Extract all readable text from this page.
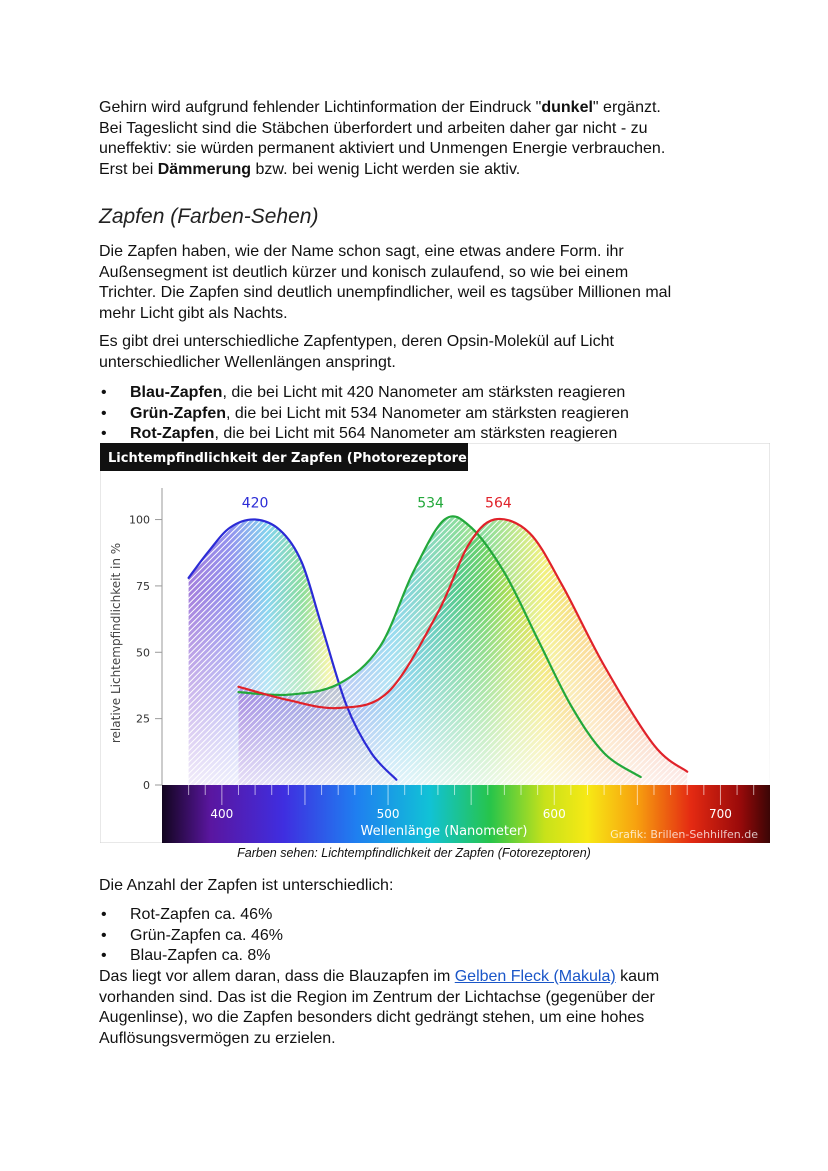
Gehirn wird aufgrund fehlender Lichtinformation der Eindruck "dunkel" ergänzt.
Bei Tageslicht sind die Stäbchen überfordert und arbeiten daher gar nicht - zu
uneffektiv: sie würden permanent aktiviert und Unmengen Energie verbrauchen.
Erst bei Dämmerung bzw. bei wenig Licht werden sie aktiv.
Zapfen (Farben-Sehen)
Die Zapfen haben, wie der Name schon sagt, eine etwas andere Form. ihr
Außensegment ist deutlich kürzer und konisch zulaufend, so wie bei einem
Trichter. Die Zapfen sind deutlich unempfindlicher, weil es tagsüber Millionen mal
mehr Licht gibt als Nachts.
Es gibt drei unterschiedliche Zapfentypen, deren Opsin-Molekül auf Licht
unterschiedlicher Wellenlängen anspringt.
• Blau-Zapfen, die bei Licht mit 420 Nanometer am stärksten reagieren
• Grün-Zapfen, die bei Licht mit 534 Nanometer am stärksten reagieren
• Rot-Zapfen, die bei Licht mit 564 Nanometer am stärksten reagieren
0
25
50
75
100
400	500	600	700
Wellenlänge (Nanometer)
relative Lichtempfindlichkeit in %
420	534	564
Lichtempfindlichkeit der Zapfen (Photorezeptoren)
Grafik: Brillen-Sehhilfen.de
Farben sehen: Lichtempfindlichkeit der Zapfen (Fotorezeptoren)
Die Anzahl der Zapfen ist unterschiedlich:
• Rot-Zapfen ca. 46%
• Grün-Zapfen ca. 46%
• Blau-Zapfen ca. 8%
Das liegt vor allem daran, dass die Blauzapfen im Gelben Fleck (Makula) kaum
vorhanden sind. Das ist die Region im Zentrum der Lichtachse (gegenüber der
Augenlinse), wo die Zapfen besonders dicht gedrängt stehen, um eine hohes
Auflösungsvermögen zu erzielen.
